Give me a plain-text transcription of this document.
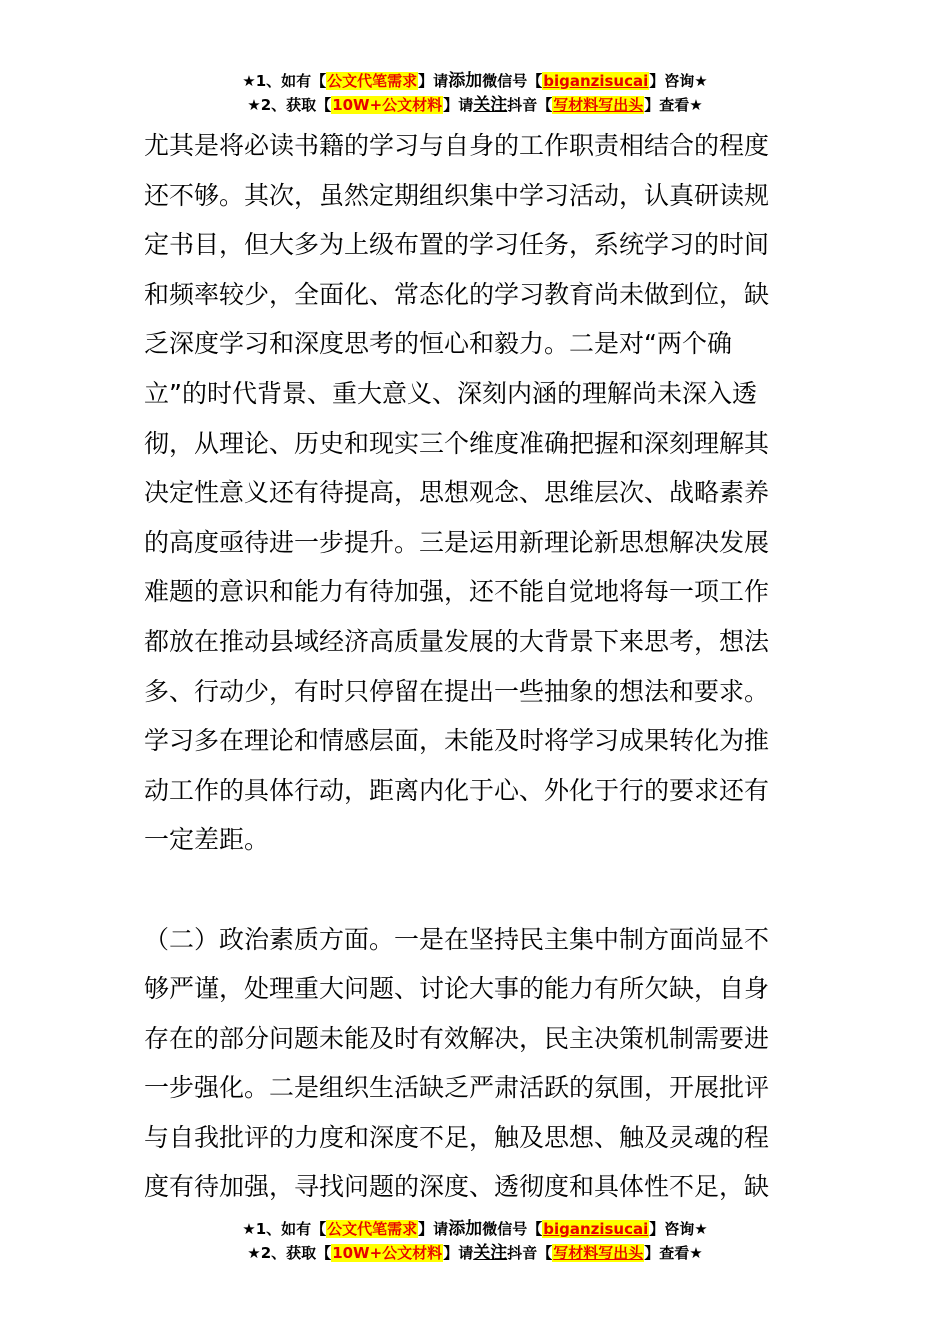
★1、如有【公文代笔需求】请添加微信号【biganzisucai】咨询★
★2、获取【10W+公文材料】请关注抖音【写材料写出头】查看★

尤其是将必读书籍的学习与自身的工作职责相结合的程度
还不够。其次，虽然定期组织集中学习活动，认真研读规
定书目，但大多为上级布置的学习任务，系统学习的时间
和频率较少，全面化、常态化的学习教育尚未做到位，缺
乏深度学习和深度思考的恒心和毅力。二是对“两个确
立”的时代背景、重大意义、深刻内涵的理解尚未深入透
彻，从理论、历史和现实三个维度准确把握和深刻理解其
决定性意义还有待提高，思想观念、思维层次、战略素养
的高度亟待进一步提升。三是运用新理论新思想解决发展
难题的意识和能力有待加强，还不能自觉地将每一项工作
都放在推动县域经济高质量发展的大背景下来思考，想法
多、行动少，有时只停留在提出一些抽象的想法和要求。
学习多在理论和情感层面，未能及时将学习成果转化为推
动工作的具体行动，距离内化于心、外化于行的要求还有
一定差距。

（二）政治素质方面。一是在坚持民主集中制方面尚显不
够严谨，处理重大问题、讨论大事的能力有所欠缺，自身
存在的部分问题未能及时有效解决，民主决策机制需要进
一步强化。二是组织生活缺乏严肃活跃的氛围，开展批评
与自我批评的力度和深度不足，触及思想、触及灵魂的程
度有待加强，寻找问题的深度、透彻度和具体性不足，缺

★1、如有【公文代笔需求】请添加微信号【biganzisucai】咨询★
★2、获取【10W+公文材料】请关注抖音【写材料写出头】查看★
